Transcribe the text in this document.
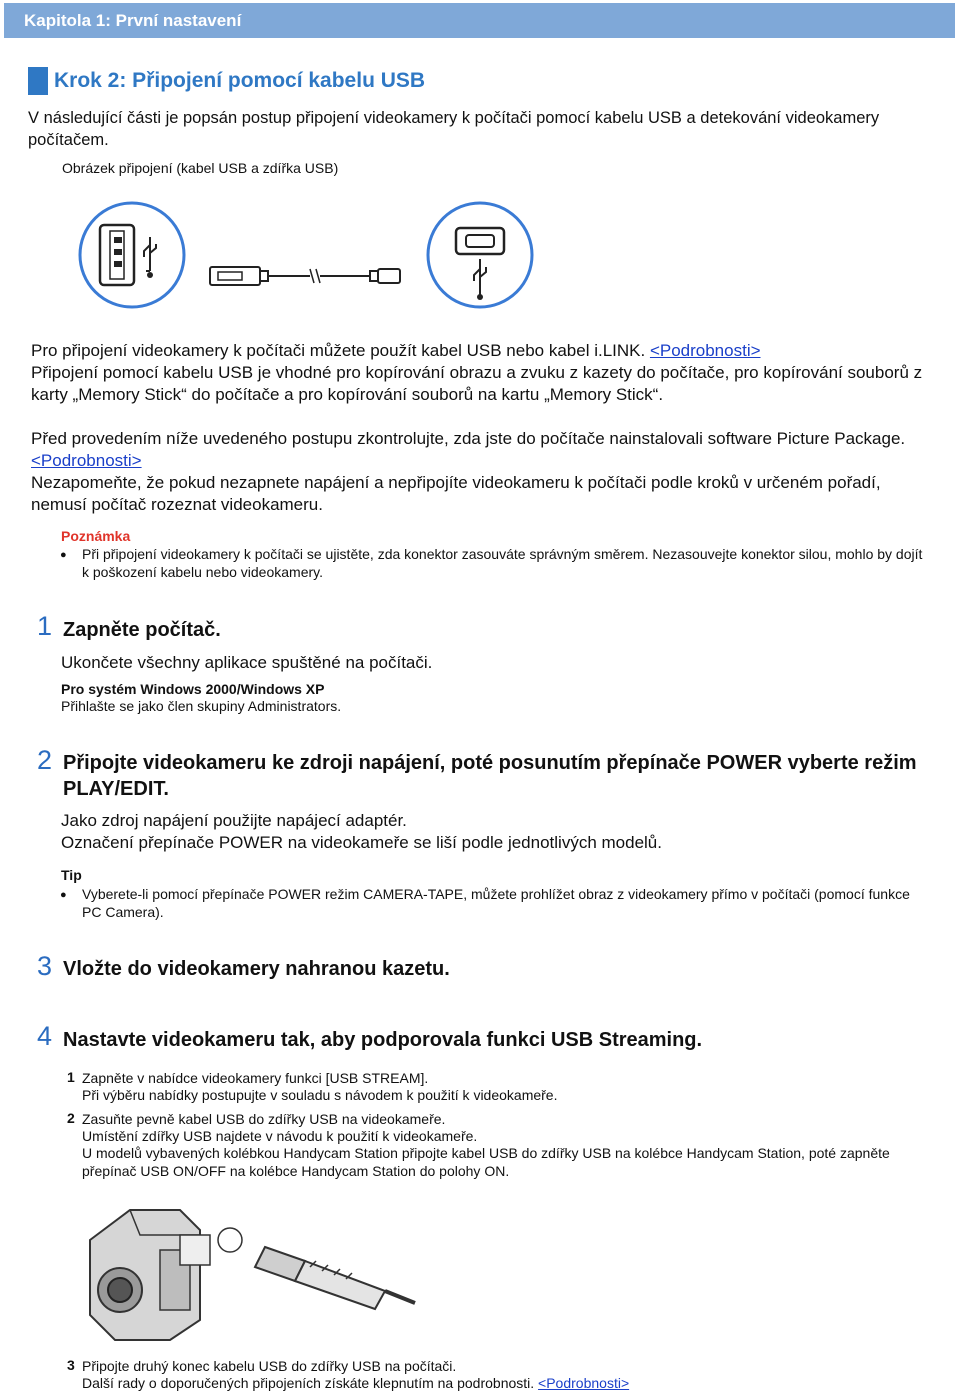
Kapitola 1: První nastavení
Krok 2: Připojení pomocí kabelu USB
V následující části je popsán postup připojení videokamery k počítači pomocí kabelu USB a detekování videokamery počítačem.
Obrázek připojení (kabel USB a zdířka USB)
Pro připojení videokamery k počítači můžete použít kabel USB nebo kabel i.LINK. <Podrobnosti>
Připojení pomocí kabelu USB je vhodné pro kopírování obrazu a zvuku z kazety do počítače, pro kopírování souborů z karty „Memory Stick“ do počítače a pro kopírování souborů na kartu „Memory Stick“.
Před provedením níže uvedeného postupu zkontrolujte, zda jste do počítače nainstalovali software Picture Package. <Podrobnosti>
Nezapomeňte, že pokud nezapnete napájení a nepřipojíte videokameru k počítači podle kroků v určeném pořadí, nemusí počítač rozeznat videokameru.
Poznámka
● Při připojení videokamery k počítači se ujistěte, zda konektor zasouváte správným směrem. Nezasouvejte konektor silou, mohlo by dojít k poškození kabelu nebo videokamery.
1 Zapněte počítač.
Ukončete všechny aplikace spuštěné na počítači.
Pro systém Windows 2000/Windows XP
Přihlašte se jako člen skupiny Administrators.
2 Připojte videokameru ke zdroji napájení, poté posunutím přepínače POWER vyberte režim PLAY/EDIT.
Jako zdroj napájení použijte napájecí adaptér.
Označení přepínače POWER na videokameře se liší podle jednotlivých modelů.
Tip
● Vyberete-li pomocí přepínače POWER režim CAMERA-TAPE, můžete prohlížet obraz z videokamery přímo v počítači (pomocí funkce PC Camera).
3 Vložte do videokamery nahranou kazetu.
4 Nastavte videokameru tak, aby podporovala funkci USB Streaming.
1 Zapněte v nabídce videokamery funkci [USB STREAM].
Při výběru nabídky postupujte v souladu s návodem k použití k videokameře.
2 Zasuňte pevně kabel USB do zdířky USB na videokameře.
Umístění zdířky USB najdete v návodu k použití k videokameře.
U modelů vybavených kolébkou Handycam Station připojte kabel USB do zdířky USB na kolébce Handycam Station, poté zapněte přepínač USB ON/OFF na kolébce Handycam Station do polohy ON.
3 Připojte druhý konec kabelu USB do zdířky USB na počítači.
Další rady o doporučených připojeních získáte klepnutím na podrobnosti. <Podrobnosti>
